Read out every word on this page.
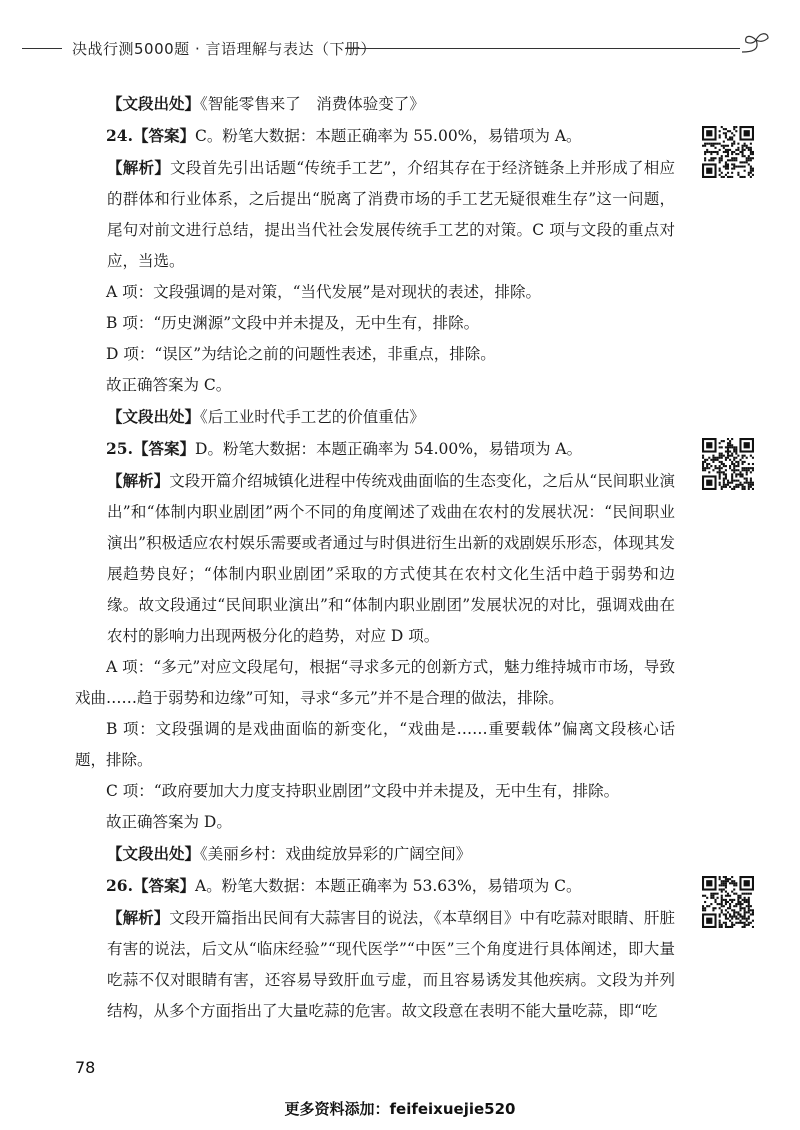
决战行测5000题 · 言语理解与表达（下册）

【文段出处】《智能零售来了　消费体验变了》

24.【答案】C。粉笔大数据：本题正确率为 55.00%，易错项为 A。

【解析】文段首先引出话题“传统手工艺”，介绍其存在于经济链条上并形成了相应的群体和行业体系，之后提出“脱离了消费市场的手工艺无疑很难生存”这一问题，尾句对前文进行总结，提出当代社会发展传统手工艺的对策。C 项与文段的重点对应，当选。

A 项：文段强调的是对策，“当代发展”是对现状的表述，排除。

B 项：“历史渊源”文段中并未提及，无中生有，排除。

D 项：“误区”为结论之前的问题性表述，非重点，排除。

故正确答案为 C。

【文段出处】《后工业时代手工艺的价值重估》

25.【答案】D。粉笔大数据：本题正确率为 54.00%，易错项为 A。

【解析】文段开篇介绍城镇化进程中传统戏曲面临的生态变化，之后从“民间职业演出”和“体制内职业剧团”两个不同的角度阐述了戏曲在农村的发展状况：“民间职业演出”积极适应农村娱乐需要或者通过与时俱进衍生出新的戏剧娱乐形态，体现其发展趋势良好；“体制内职业剧团”采取的方式使其在农村文化生活中趋于弱势和边缘。故文段通过“民间职业演出”和“体制内职业剧团”发展状况的对比，强调戏曲在农村的影响力出现两极分化的趋势，对应 D 项。

A 项：“多元”对应文段尾句，根据“寻求多元的创新方式，魅力维持城市市场，导致戏曲……趋于弱势和边缘”可知，寻求“多元”并不是合理的做法，排除。

B 项：文段强调的是戏曲面临的新变化，“戏曲是……重要载体”偏离文段核心话题，排除。

C 项：“政府要加大力度支持职业剧团”文段中并未提及，无中生有，排除。

故正确答案为 D。

【文段出处】《美丽乡村：戏曲绽放异彩的广阔空间》

26.【答案】A。粉笔大数据：本题正确率为 53.63%，易错项为 C。

【解析】文段开篇指出民间有大蒜害目的说法，《本草纲目》中有吃蒜对眼睛、肝脏有害的说法，后文从“临床经验”“现代医学”“中医”三个角度进行具体阐述，即大量吃蒜不仅对眼睛有害，还容易导致肝血亏虚，而且容易诱发其他疾病。文段为并列结构，从多个方面指出了大量吃蒜的危害。故文段意在表明不能大量吃蒜，即“吃

78
更多资料添加：feifeixuejie520
